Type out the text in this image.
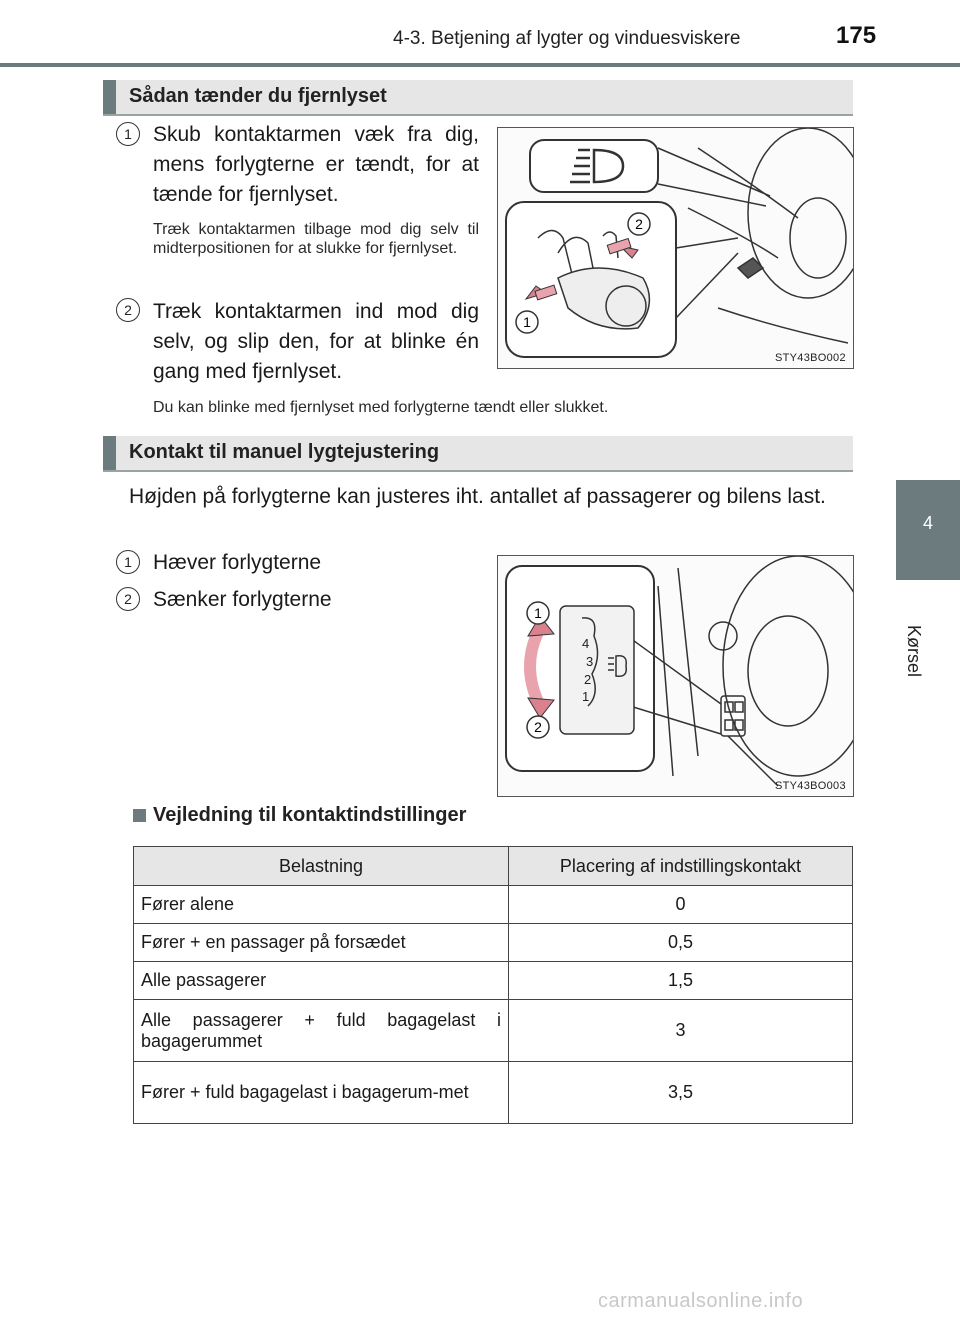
4-3. Betjening af lygter og vinduesviskere	175
4
Kørsel
Sådan tænder du fjernlyset
1	Skub kontaktarmen væk fra dig, mens forlygterne er tændt, for at tænde for fjernlyset.
Træk kontaktarmen tilbage mod dig selv til midterpositionen for at slukke for fjernlyset.
2	Træk kontaktarmen ind mod dig selv, og slip den, for at blinke én gang med fjernlyset.
Du kan blinke med fjernlyset med forlygterne tændt eller slukket.
1
2
STY43BO002
Kontakt til manuel lygtejustering
Højden på forlygterne kan justeres iht. antallet af passagerer og bilens last.
1	Hæver forlygterne
2	Sænker forlygterne
4
3
2
1
1
2
STY43BO003
Vejledning til kontaktindstillinger
Belastning	Placering af indstillingskontakt
Fører alene	0
Fører + en passager på forsædet	0,5
Alle passagerer	1,5
Alle passagerer + fuld bagagelast i bagagerummet	3
Fører + fuld bagagelast i bagagerum-met	3,5
carmanualsonline.info
